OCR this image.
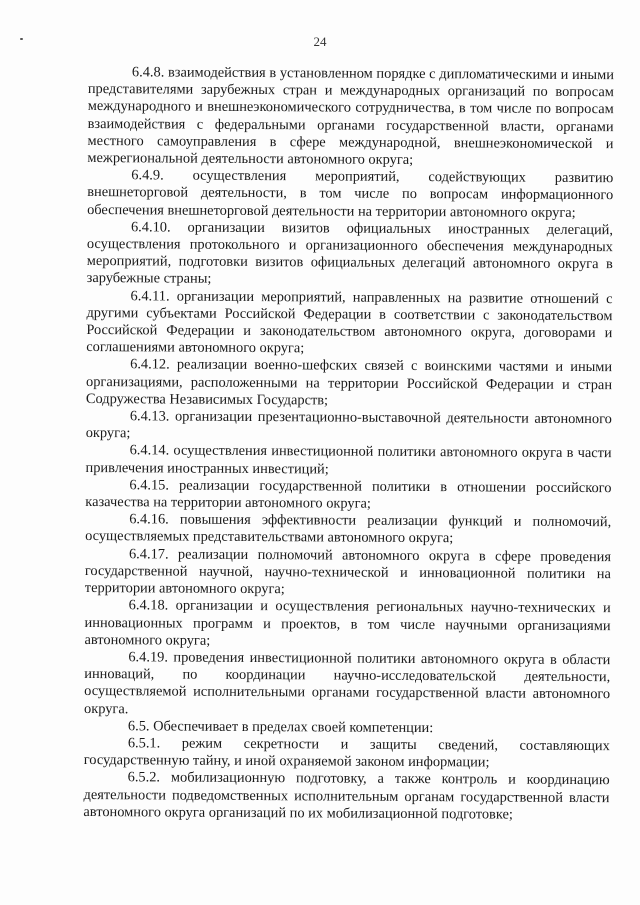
24

6.4.8. взаимодействия в установленном порядке с дипломатическими и иными представителями зарубежных стран и международных организаций по вопросам международного и внешнеэкономического сотрудничества, в том числе по вопросам взаимодействия с федеральными органами государственной власти, органами местного самоуправления в сфере международной, внешнеэкономической и межрегиональной деятельности автономного округа;

6.4.9. осуществления мероприятий, содействующих развитию внешнеторговой деятельности, в том числе по вопросам информационного обеспечения внешнеторговой деятельности на территории автономного округа;

6.4.10. организации визитов официальных иностранных делегаций, осуществления протокольного и организационного обеспечения международных мероприятий, подготовки визитов официальных делегаций автономного округа в зарубежные страны;

6.4.11. организации мероприятий, направленных на развитие отношений с другими субъектами Российской Федерации в соответствии с законодательством Российской Федерации и законодательством автономного округа, договорами и соглашениями автономного округа;

6.4.12. реализации военно-шефских связей с воинскими частями и иными организациями, расположенными на территории Российской Федерации и стран Содружества Независимых Государств;

6.4.13. организации презентационно-выставочной деятельности автономного округа;

6.4.14. осуществления инвестиционной политики автономного округа в части привлечения иностранных инвестиций;

6.4.15. реализации государственной политики в отношении российского казачества на территории автономного округа;

6.4.16. повышения эффективности реализации функций и полномочий, осуществляемых представительствами автономного округа;

6.4.17. реализации полномочий автономного округа в сфере проведения государственной научной, научно-технической и инновационной политики на территории автономного округа;

6.4.18. организации и осуществления региональных научно-технических и инновационных программ и проектов, в том числе научными организациями автономного округа;

6.4.19. проведения инвестиционной политики автономного округа в области инноваций, по координации научно-исследовательской деятельности, осуществляемой исполнительными органами государственной власти автономного округа.

6.5. Обеспечивает в пределах своей компетенции:

6.5.1. режим секретности и защиты сведений, составляющих государственную тайну, и иной охраняемой законом информации;

6.5.2. мобилизационную подготовку, а также контроль и координацию деятельности подведомственных исполнительным органам государственной власти автономного округа организаций по их мобилизационной подготовке;
